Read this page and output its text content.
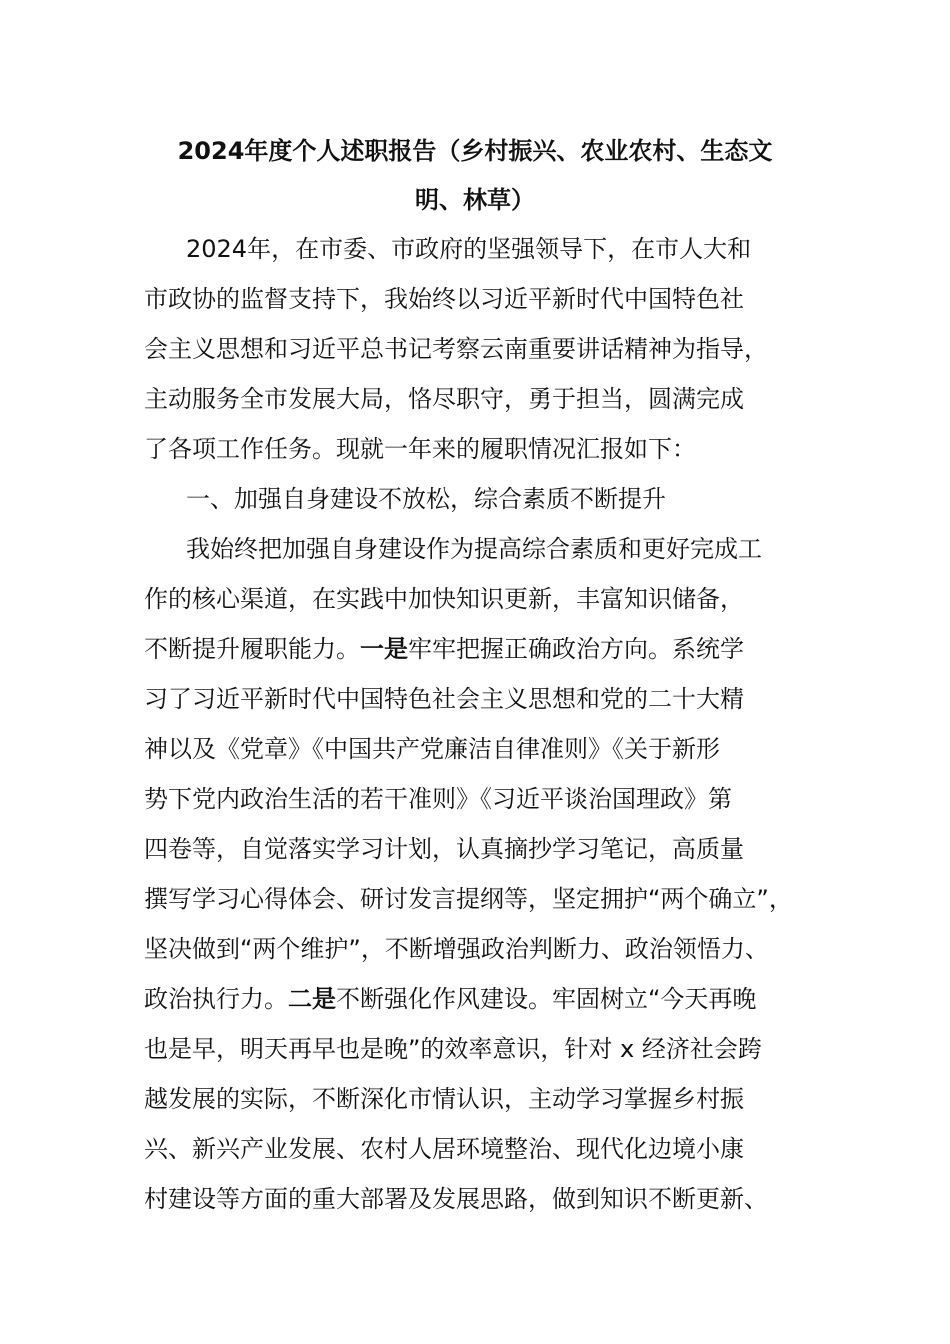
2024年度个人述职报告（乡村振兴、农业农村、生态文
明、林草）

2024年，在市委、市政府的坚强领导下，在市人大和

市政协的监督支持下，我始终以习近平新时代中国特色社

会主义思想和习近平总书记考察云南重要讲话精神为指导，

主动服务全市发展大局，恪尽职守，勇于担当，圆满完成

了各项工作任务。现就一年来的履职情况汇报如下：

一、加强自身建设不放松，综合素质不断提升

我始终把加强自身建设作为提高综合素质和更好完成工

作的核心渠道，在实践中加快知识更新，丰富知识储备，

不断提升履职能力。一是牢牢把握正确政治方向。系统学

习了习近平新时代中国特色社会主义思想和党的二十大精

神以及《党章》《中国共产党廉洁自律准则》《关于新形

势下党内政治生活的若干准则》《习近平谈治国理政》第

四卷等，自觉落实学习计划，认真摘抄学习笔记，高质量

撰写学习心得体会、研讨发言提纲等，坚定拥护“两个确立”，

坚决做到“两个维护”，不断增强政治判断力、政治领悟力、

政治执行力。二是不断强化作风建设。牢固树立“今天再晚

也是早，明天再早也是晚”的效率意识，针对 x 经济社会跨

越发展的实际，不断深化市情认识，主动学习掌握乡村振

兴、新兴产业发展、农村人居环境整治、现代化边境小康

村建设等方面的重大部署及发展思路，做到知识不断更新、
